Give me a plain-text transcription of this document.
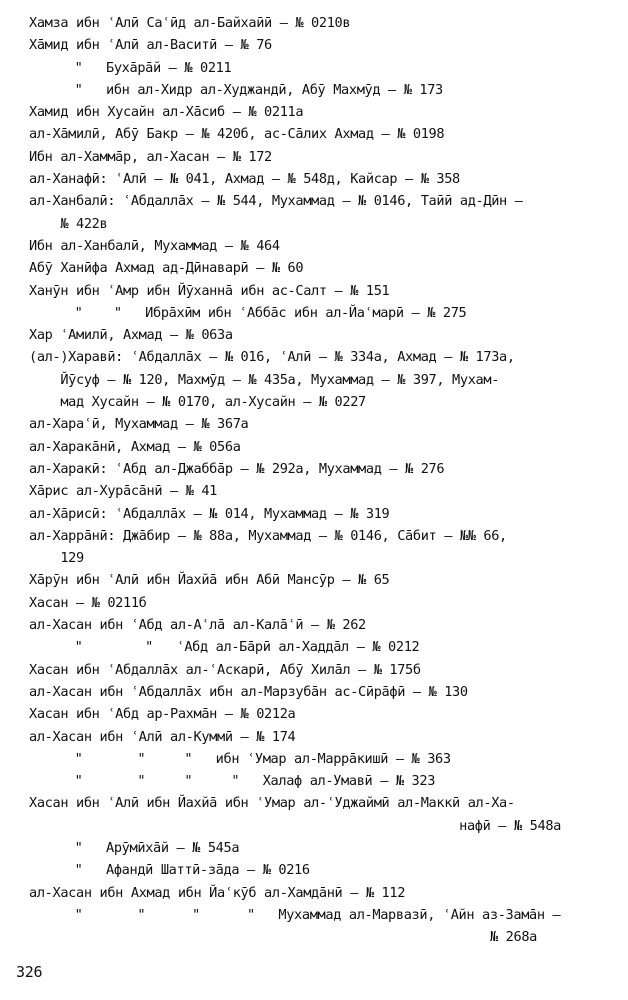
Хамза ибн ʿАлӣ Саʿӣд ал-Байхаӣӣ – № 0210в
Хāмид ибн ʿАлӣ ал-Васитӣ – № 76
"   Бухāрāй – № 0211
"   ибн ал-Хидр ал-Худжандӣ, Абӯ Махмӯд – № 173
Хамид ибн Хусайн ал-Хāсиб – № 0211а
ал-Хāмилӣ, Абӯ Бакр – № 420б, ас-Сāлих Ахмад – № 0198
Ибн ал-Хаммāр, ал-Хасан – № 172
ал-Ханафӣ: ʿАлӣ – № 041, Ахмад – № 548д, Кайсар – № 358
ал-Ханбалӣ: ʿАбдаллāх – № 544, Мухаммад – № 0146, Таӣӣ ад-Дӣн –
№ 422в
Ибн ал-Ханбалӣ, Мухаммад – № 464
Абӯ Ханӣфа Ахмад ад-Дӣнаварӣ – № 60
Ханӯн ибн ʿАмр ибн Йӯханнā ибн ас-Салт – № 151
"    "   Ибрāхӣм ибн ʿАббāс ибн ал-Йаʿмарӣ – № 275
Хар ʿАмилӣ, Ахмад – № 063а
(ал-)Харавӣ: ʿАбдаллāх – № 016, ʿАлӣ – № 334а, Ахмад – № 173а,
Йӯсуф – № 120, Махмӯд – № 435а, Мухаммад – № 397, Мухам-
мад Хусайн – № 0170, ал-Хусайн – № 0227
ал-Хараʿӣ, Мухаммад – № 367а
ал-Харакāнӣ, Ахмад – № 056а
ал-Харакӣ: ʿАбд ал-Джаббāр – № 292а, Мухаммад – № 276
Хāрис ал-Хурāсāнӣ – № 41
ал-Хāрисӣ: ʿАбдаллāх – № 014, Мухаммад – № 319
ал-Харрāнӣ: Джāбир – № 88а, Мухаммад – № 0146, Сāбит – №№ 66,
129
Хāрӯн ибн ʿАлӣ ибн Йахйā ибн Абӣ Мансӯр – № 65
Хасан – № 0211б
ал-Хасан ибн ʿАбд ал-Аʿлā ал-Калāʿӣ – № 262
"        "   ʿАбд ал-Бāрӣ ал-Хаддāл – № 0212
Хасан ибн ʿАбдаллāх ал-ʿАскарӣ, Абӯ Хилāл – № 175б
ал-Хасан ибн ʿАбдаллāх ибн ал-Марзубāн ас-Сӣрāфӣ – № 130
Хасан ибн ʿАбд ар-Рахмāн – № 0212а
ал-Хасан ибн ʿАлӣ ал-Куммӣ – № 174
"       "     "   ибн ʿУмар ал-Маррāкишӣ – № 363
"       "     "     "   Халаф ал-Умавӣ – № 323
Хасан ибн ʿАлӣ ибн Йахйā ибн ʿУмар ал-ʿУджаймӣ ал-Маккӣ ал-Ха-
нафӣ – № 548а
"   Арӯмӣхāй – № 545а
"   Афандӣ Шаттӣ-зāда – № 0216
ал-Хасан ибн Ахмад ибн Йаʿкӯб ал-Хамдāнӣ – № 112
"       "      "      "   Мухаммад ал-Марвазӣ, ʿАйн аз-Замāн –
№ 268а
326
